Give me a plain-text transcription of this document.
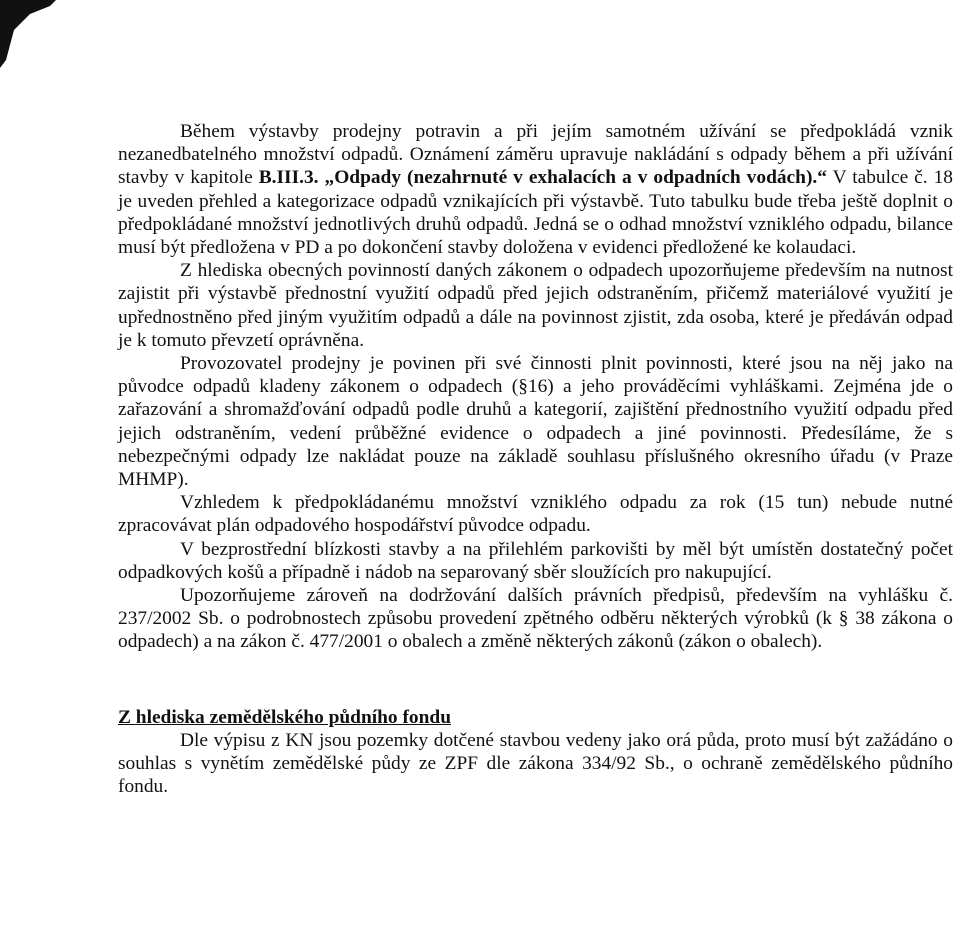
Během výstavby prodejny potravin a při jejím samotném užívání se předpokládá vznik nezanedbatelného množství odpadů. Oznámení záměru upravuje nakládání s odpady během a při užívání stavby v kapitole B.III.3. „Odpady (nezahrnuté v exhalacích a v odpadních vodách).“ V tabulce č. 18 je uveden přehled a kategorizace odpadů vznikajících při výstavbě. Tuto tabulku bude třeba ještě doplnit o předpokládané množství jednotlivých druhů odpadů. Jedná se o odhad množství vzniklého odpadu, bilance musí být předložena v PD a po dokončení stavby doložena v evidenci předložené ke kolaudaci.

Z hlediska obecných povinností daných zákonem o odpadech upozorňujeme především na nutnost zajistit při výstavbě přednostní využití odpadů před jejich odstraněním, přičemž materiálové využití je upřednostněno před jiným využitím odpadů a dále na povinnost zjistit, zda osoba, které je předáván odpad je k tomuto převzetí oprávněna.

Provozovatel prodejny je povinen při své činnosti plnit povinnosti, které jsou na něj jako na původce odpadů kladeny zákonem o odpadech (§16) a jeho prováděcími vyhláškami. Zejména jde o zařazování a shromažďování odpadů podle druhů a kategorií, zajištění přednostního využití odpadu před jejich odstraněním, vedení průběžné evidence o odpadech a jiné povinnosti. Předesíláme, že s nebezpečnými odpady lze nakládat pouze na základě souhlasu příslušného okresního úřadu (v Praze MHMP).

Vzhledem k předpokládanému množství vzniklého odpadu za rok (15 tun) nebude nutné zpracovávat plán odpadového hospodářství původce odpadu.

V bezprostřední blízkosti stavby a na přilehlém parkovišti by měl být umístěn dostatečný počet odpadkových košů a případně i nádob na separovaný sběr sloužících pro nakupující.

Upozorňujeme zároveň na dodržování dalších právních předpisů, především na vyhlášku č. 237/2002 Sb. o podrobnostech způsobu provedení zpětného odběru některých výrobků (k § 38 zákona o odpadech) a na zákon č. 477/2001 o obalech a změně některých zákonů (zákon o obalech).

Z hlediska zemědělského půdního fondu

Dle výpisu z KN jsou pozemky dotčené stavbou vedeny jako orá půda, proto musí být zažádáno o souhlas s vynětím zemědělské půdy ze ZPF dle zákona 334/92 Sb., o ochraně zemědělského půdního fondu.
